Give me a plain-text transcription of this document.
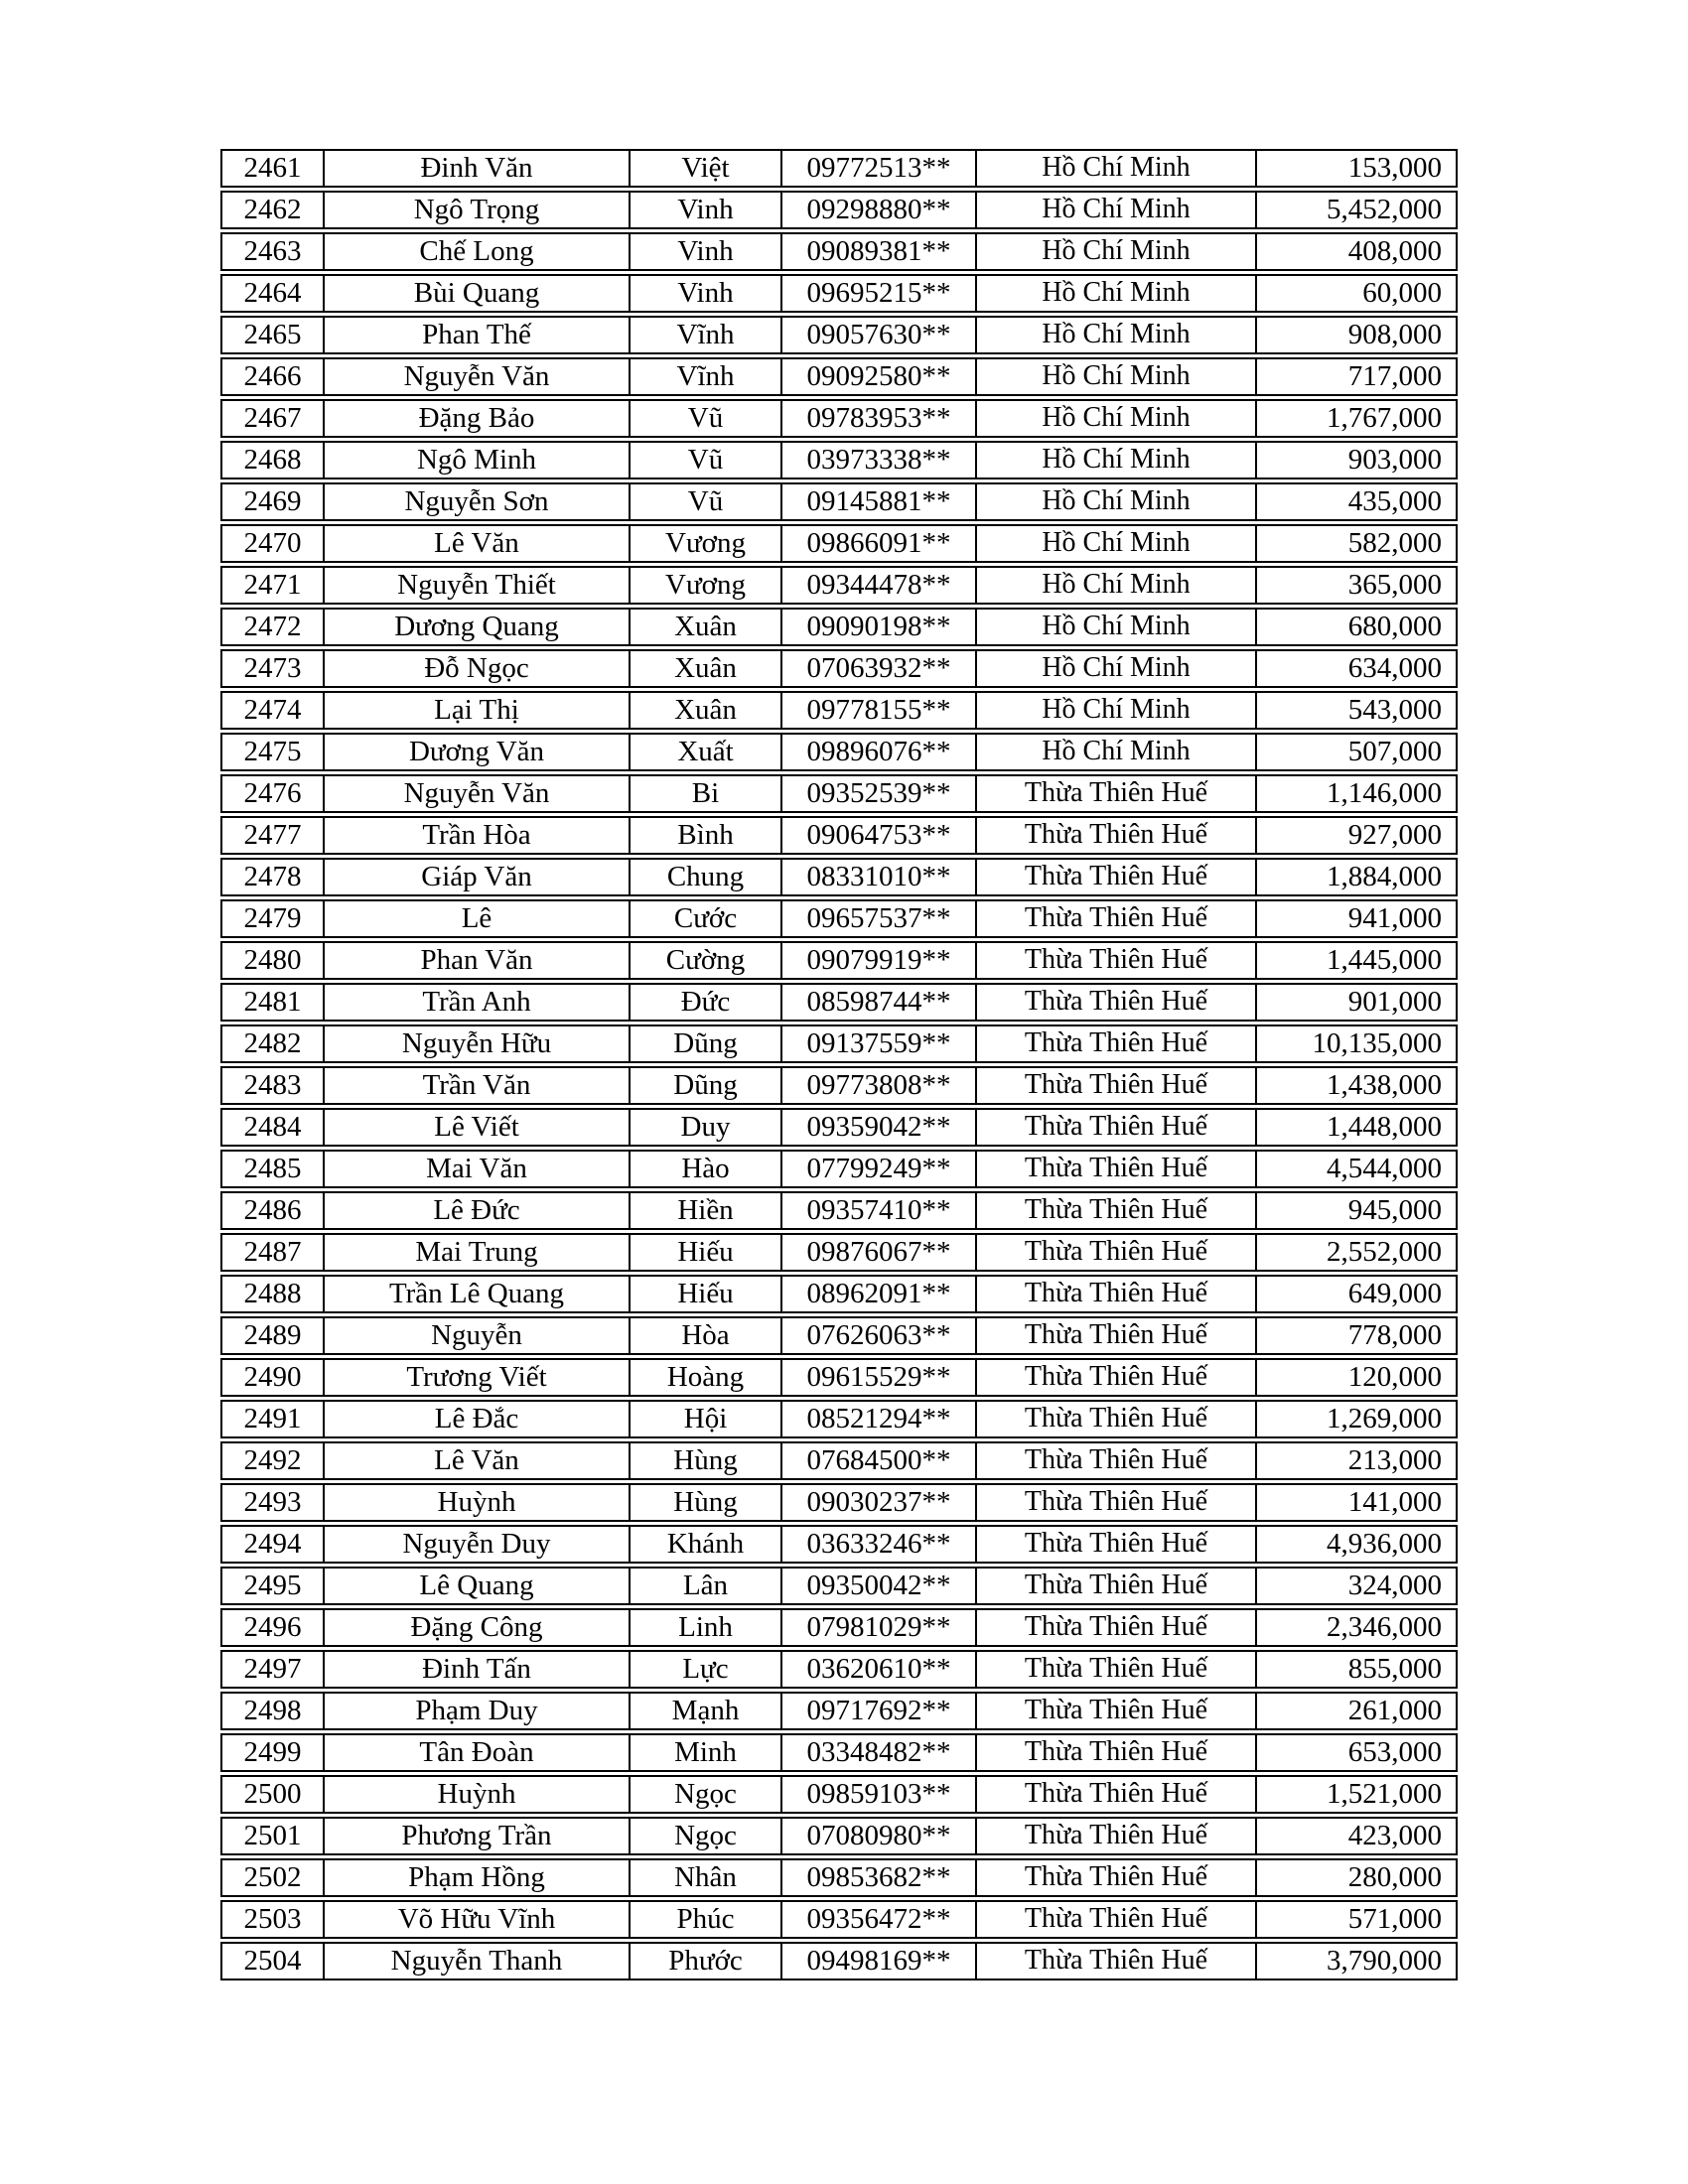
2461	Đinh Văn	Việt	09772513**	Hồ Chí Minh	153,000
2462	Ngô Trọng	Vinh	09298880**	Hồ Chí Minh	5,452,000
2463	Chế Long	Vinh	09089381**	Hồ Chí Minh	408,000
2464	Bùi Quang	Vinh	09695215**	Hồ Chí Minh	60,000
2465	Phan Thế	Vĩnh	09057630**	Hồ Chí Minh	908,000
2466	Nguyễn Văn	Vĩnh	09092580**	Hồ Chí Minh	717,000
2467	Đặng Bảo	Vũ	09783953**	Hồ Chí Minh	1,767,000
2468	Ngô Minh	Vũ	03973338**	Hồ Chí Minh	903,000
2469	Nguyễn Sơn	Vũ	09145881**	Hồ Chí Minh	435,000
2470	Lê Văn	Vương	09866091**	Hồ Chí Minh	582,000
2471	Nguyễn Thiết	Vương	09344478**	Hồ Chí Minh	365,000
2472	Dương Quang	Xuân	09090198**	Hồ Chí Minh	680,000
2473	Đỗ Ngọc	Xuân	07063932**	Hồ Chí Minh	634,000
2474	Lại Thị	Xuân	09778155**	Hồ Chí Minh	543,000
2475	Dương Văn	Xuất	09896076**	Hồ Chí Minh	507,000
2476	Nguyễn Văn	Bi	09352539**	Thừa Thiên Huế	1,146,000
2477	Trần Hòa	Bình	09064753**	Thừa Thiên Huế	927,000
2478	Giáp Văn	Chung	08331010**	Thừa Thiên Huế	1,884,000
2479	Lê	Cước	09657537**	Thừa Thiên Huế	941,000
2480	Phan Văn	Cường	09079919**	Thừa Thiên Huế	1,445,000
2481	Trần Anh	Đức	08598744**	Thừa Thiên Huế	901,000
2482	Nguyễn Hữu	Dũng	09137559**	Thừa Thiên Huế	10,135,000
2483	Trần Văn	Dũng	09773808**	Thừa Thiên Huế	1,438,000
2484	Lê Viết	Duy	09359042**	Thừa Thiên Huế	1,448,000
2485	Mai Văn	Hào	07799249**	Thừa Thiên Huế	4,544,000
2486	Lê Đức	Hiền	09357410**	Thừa Thiên Huế	945,000
2487	Mai Trung	Hiếu	09876067**	Thừa Thiên Huế	2,552,000
2488	Trần Lê Quang	Hiếu	08962091**	Thừa Thiên Huế	649,000
2489	Nguyễn	Hòa	07626063**	Thừa Thiên Huế	778,000
2490	Trương Viết	Hoàng	09615529**	Thừa Thiên Huế	120,000
2491	Lê Đắc	Hội	08521294**	Thừa Thiên Huế	1,269,000
2492	Lê Văn	Hùng	07684500**	Thừa Thiên Huế	213,000
2493	Huỳnh	Hùng	09030237**	Thừa Thiên Huế	141,000
2494	Nguyễn Duy	Khánh	03633246**	Thừa Thiên Huế	4,936,000
2495	Lê Quang	Lân	09350042**	Thừa Thiên Huế	324,000
2496	Đặng Công	Linh	07981029**	Thừa Thiên Huế	2,346,000
2497	Đinh Tấn	Lực	03620610**	Thừa Thiên Huế	855,000
2498	Phạm Duy	Mạnh	09717692**	Thừa Thiên Huế	261,000
2499	Tân Đoàn	Minh	03348482**	Thừa Thiên Huế	653,000
2500	Huỳnh	Ngọc	09859103**	Thừa Thiên Huế	1,521,000
2501	Phương Trần	Ngọc	07080980**	Thừa Thiên Huế	423,000
2502	Phạm Hồng	Nhân	09853682**	Thừa Thiên Huế	280,000
2503	Võ Hữu Vĩnh	Phúc	09356472**	Thừa Thiên Huế	571,000
2504	Nguyễn Thanh	Phước	09498169**	Thừa Thiên Huế	3,790,000
